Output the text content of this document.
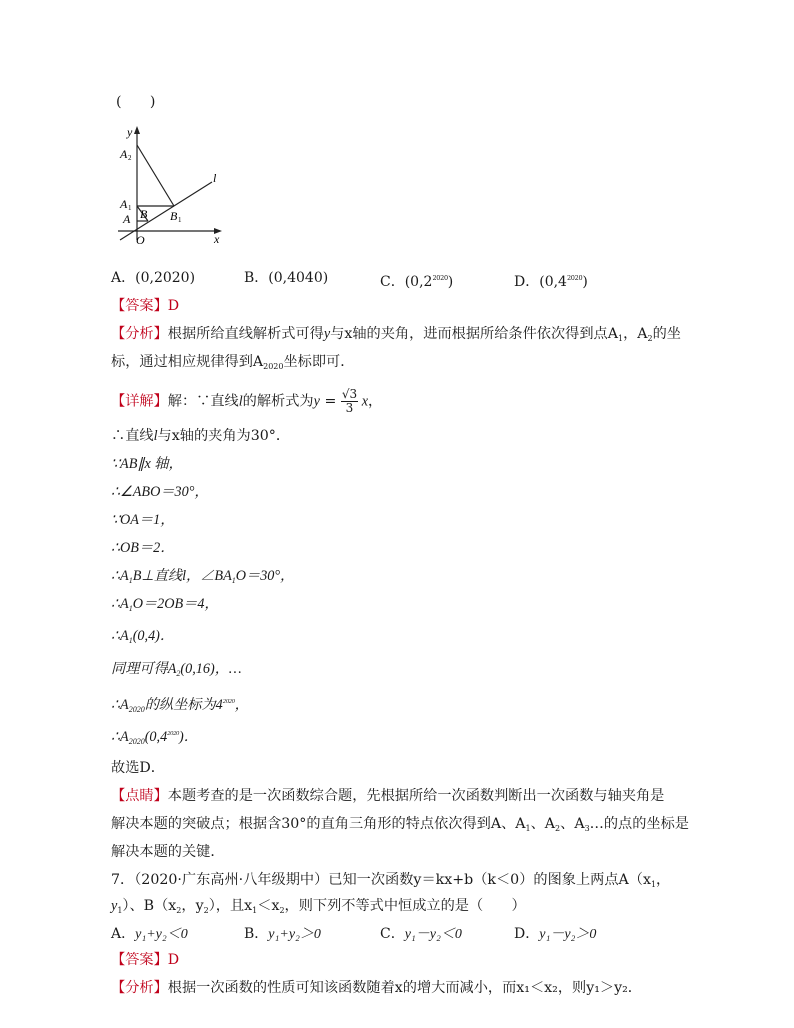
(　　)
y
A 2
A 1
A B B 1
O	x
l
A．(0,2020)	B．(0,4040)	C．$(0,2^{2020})$	D．$(0,4^{2020})$
【答案】D
【分析】根据所给直线解析式可得y与x轴的夹角，进而根据所给条件依次得到点$A_1$，$A_2$的坐
标，通过相应规律得到$A_{2020}$坐标即可．
【详解】解：∵直线l的解析式为$y = \frac{√3}{3}$ x，
∴直线l与x轴的夹角为30°．
∵AB∥x 轴，
∴∠ABO＝30°，
∵OA＝1，
∴OB＝2．
$\therefore A_1B\perp$直线l，$\angle BA_1O=30^\circ$，
$\therefore A_1O=2OB=4$，
$\therefore A_1(0,4)$．
同理可得$A_2(0,16)$，…
$\therefore A_{2020}$的纵坐标为$4^{2020}$，
$\therefore A_{2020}(0,4^{2020})$．
故选D．
【点睛】本题考查的是一次函数综合题，先根据所给一次函数判断出一次函数与轴夹角是
解决本题的突破点；根据含30°的直角三角形的特点依次得到A、$A_1$、$A_2$、$A_3\dots$的点的坐标是
解决本题的关键．
7．（2020·广东高州·八年级期中）已知一次函数y＝kx+b（k＜0）的图象上两点$A(x_1$，
$y_1$）、$B(x_2$，$y_2$），且$x_1<x_2$，则下列不等式中恒成立的是（　　）
A．y₁+y₂＜0	B．y₁+y₂＞0	C．y₁－y₂＜0	D．y₁－y₂＞0
【答案】D
【分析】根据一次函数的性质可知该函数随着x的增大而减小，而x₁＜x₂，则y₁＞y₂．
